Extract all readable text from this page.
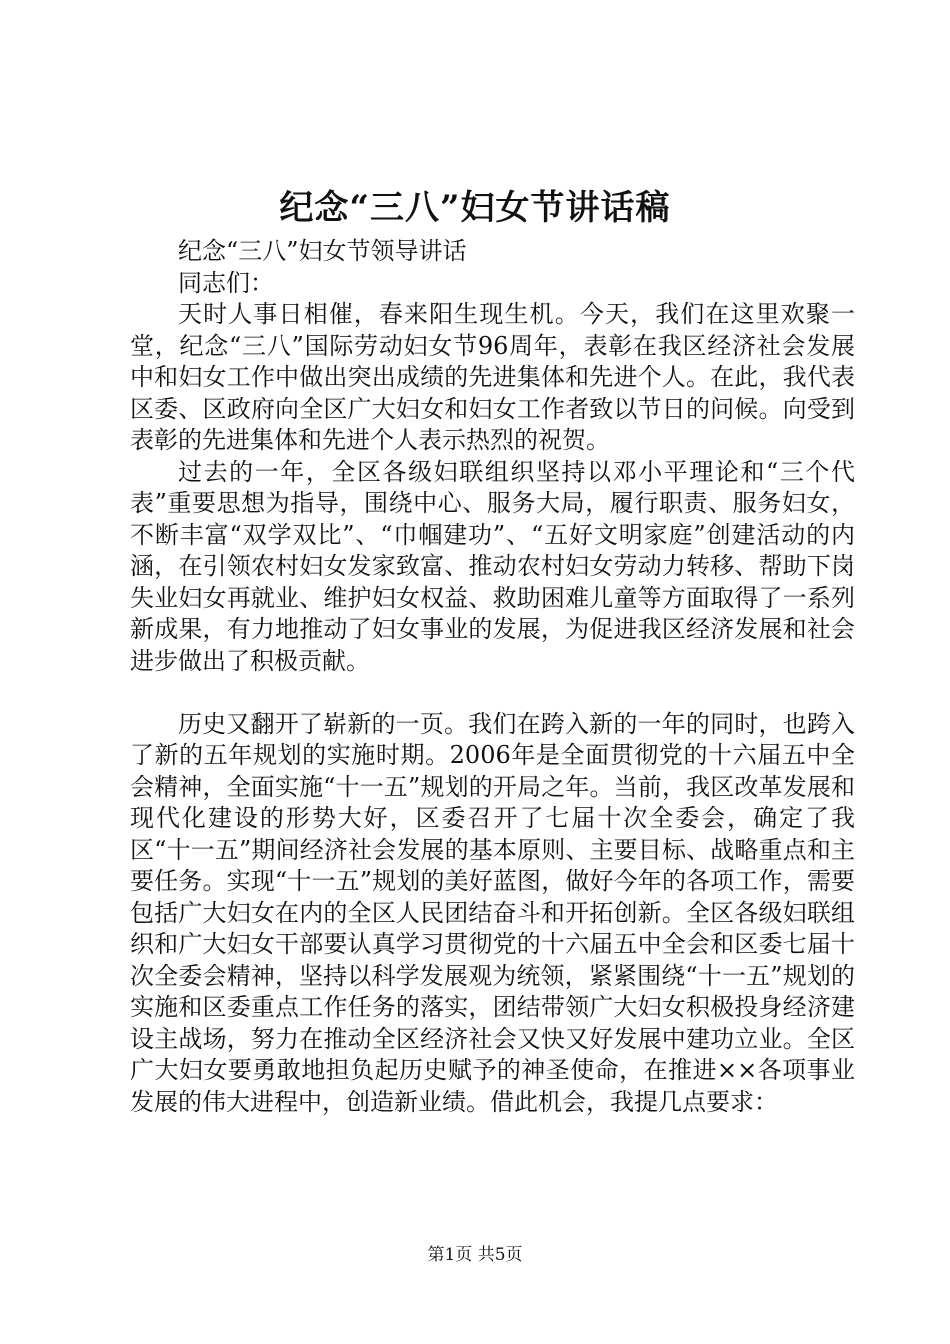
纪念“三八”妇女节讲话稿

纪念“三八”妇女节领导讲话

同志们：

天时人事日相催，春来阳生现生机。今天，我们在这里欢聚一堂，纪念“三八”国际劳动妇女节96周年，表彰在我区经济社会发展中和妇女工作中做出突出成绩的先进集体和先进个人。在此，我代表区委、区政府向全区广大妇女和妇女工作者致以节日的问候。向受到表彰的先进集体和先进个人表示热烈的祝贺。

过去的一年，全区各级妇联组织坚持以邓小平理论和“三个代表”重要思想为指导，围绕中心、服务大局，履行职责、服务妇女，不断丰富“双学双比”、“巾帼建功”、“五好文明家庭”创建活动的内涵，在引领农村妇女发家致富、推动农村妇女劳动力转移、帮助下岗失业妇女再就业、维护妇女权益、救助困难儿童等方面取得了一系列新成果，有力地推动了妇女事业的发展，为促进我区经济发展和社会进步做出了积极贡献。

历史又翻开了崭新的一页。我们在跨入新的一年的同时，也跨入了新的五年规划的实施时期。2006年是全面贯彻党的十六届五中全会精神，全面实施“十一五”规划的开局之年。当前，我区改革发展和现代化建设的形势大好，区委召开了七届十次全委会，确定了我区“十一五”期间经济社会发展的基本原则、主要目标、战略重点和主要任务。实现“十一五”规划的美好蓝图，做好今年的各项工作，需要包括广大妇女在内的全区人民团结奋斗和开拓创新。全区各级妇联组织和广大妇女干部要认真学习贯彻党的十六届五中全会和区委七届十次全委会精神，坚持以科学发展观为统领，紧紧围绕“十一五”规划的实施和区委重点工作任务的落实，团结带领广大妇女积极投身经济建设主战场，努力在推动全区经济社会又快又好发展中建功立业。全区广大妇女要勇敢地担负起历史赋予的神圣使命，在推进××各项事业发展的伟大进程中，创造新业绩。借此机会，我提几点要求：

第1页 共5页
